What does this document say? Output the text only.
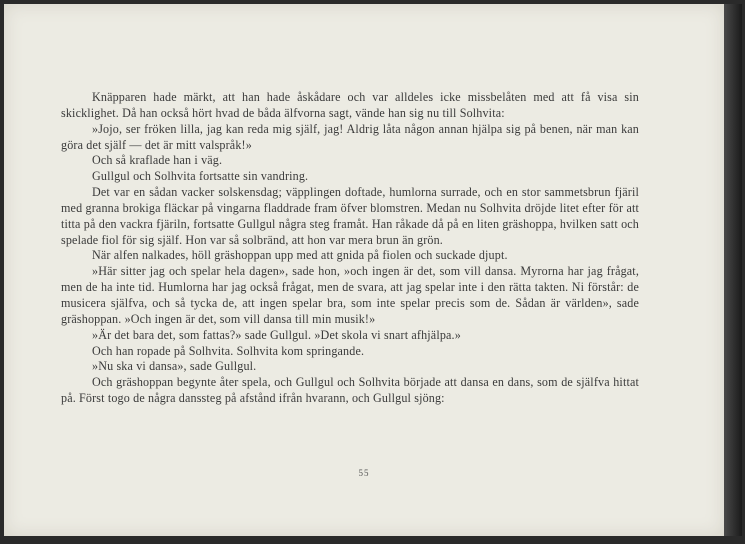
Knäpparen hade märkt, att han hade åskådare och var alldeles icke missbelåten med att få visa sin skicklighet. Då han också hört hvad de båda älfvorna sagt, vände han sig nu till Solhvita:

»Jojo, ser fröken lilla, jag kan reda mig själf, jag! Aldrig låta någon annan hjälpa sig på benen, när man kan göra det själf — det är mitt valspråk!»

Och så kraflade han i väg.

Gullgul och Solhvita fortsatte sin vandring.

Det var en sådan vacker solskensdag; väpplingen doftade, humlorna surrade, och en stor sammetsbrun fjäril med granna brokiga fläckar på vingarna fladdrade fram öfver blomstren. Medan nu Solhvita dröjde litet efter för att titta på den vackra fjäriln, fortsatte Gullgul några steg framåt. Han råkade då på en liten gräshoppa, hvilken satt och spelade fiol för sig själf. Hon var så solbränd, att hon var mera brun än grön.

När alfen nalkades, höll gräshoppan upp med att gnida på fiolen och suckade djupt.

»Här sitter jag och spelar hela dagen», sade hon, »och ingen är det, som vill dansa. Myrorna har jag frågat, men de ha inte tid. Humlorna har jag också frågat, men de svara, att jag spelar inte i den rätta takten. Ni förstår: de musicera själfva, och så tycka de, att ingen spelar bra, som inte spelar precis som de. Sådan är världen», sade gräshoppan. »Och ingen är det, som vill dansa till min musik!»

»Är det bara det, som fattas?» sade Gullgul. »Det skola vi snart afhjälpa.»

Och han ropade på Solhvita. Solhvita kom springande.

»Nu ska vi dansa», sade Gullgul.

Och gräshoppan begynte åter spela, och Gullgul och Solhvita började att dansa en dans, som de själfva hittat på. Först togo de några danssteg på afstånd ifrån hvarann, och Gullgul sjöng:

55
